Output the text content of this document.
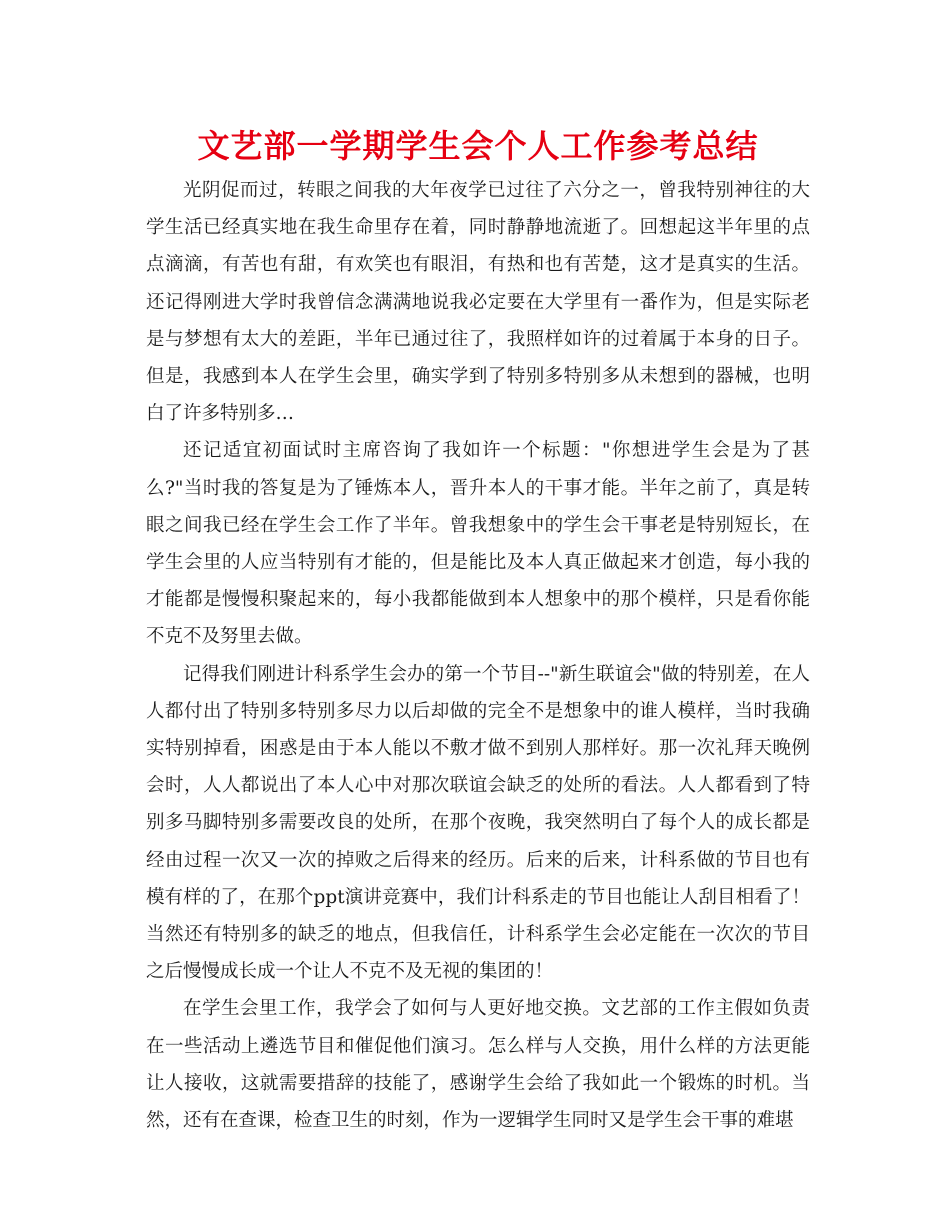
文艺部一学期学生会个人工作参考总结

光阴促而过，转眼之间我的大年夜学已过往了六分之一，曾我特别神往的大学生活已经真实地在我生命里存在着，同时静静地流逝了。回想起这半年里的点点滴滴，有苦也有甜，有欢笑也有眼泪，有热和也有苦楚，这才是真实的生活。还记得刚进大学时我曾信念满满地说我必定要在大学里有一番作为，但是实际老是与梦想有太大的差距，半年已通过往了，我照样如许的过着属于本身的日子。但是，我感到本人在学生会里，确实学到了特别多特别多从未想到的器械，也明白了许多特别多…

还记适宜初面试时主席咨询了我如许一个标题："你想进学生会是为了甚么?"当时我的答复是为了锤炼本人，晋升本人的干事才能。半年之前了，真是转眼之间我已经在学生会工作了半年。曾我想象中的学生会干事老是特别短长，在学生会里的人应当特别有才能的，但是能比及本人真正做起来才创造，每小我的才能都是慢慢积聚起来的，每小我都能做到本人想象中的那个模样，只是看你能不克不及努里去做。

记得我们刚进计科系学生会办的第一个节目--"新生联谊会"做的特别差，在人人都付出了特别多特别多尽力以后却做的完全不是想象中的谁人模样，当时我确实特别掉看，困惑是由于本人能以不敷才做不到别人那样好。那一次礼拜天晚例会时，人人都说出了本人心中对那次联谊会缺乏的处所的看法。人人都看到了特别多马脚特别多需要改良的处所，在那个夜晚，我突然明白了每个人的成长都是经由过程一次又一次的掉败之后得来的经历。后来的后来，计科系做的节目也有模有样的了，在那个ppt演讲竞赛中，我们计科系走的节目也能让人刮目相看了！当然还有特别多的缺乏的地点，但我信任，计科系学生会必定能在一次次的节目之后慢慢成长成一个让人不克不及无视的集团的！

在学生会里工作，我学会了如何与人更好地交换。文艺部的工作主假如负责在一些活动上遴选节目和催促他们演习。怎么样与人交换，用什么样的方法更能让人接收，这就需要措辞的技能了，感谢学生会给了我如此一个锻炼的时机。当然，还有在查课，检查卫生的时刻，作为一逻辑学生同时又是学生会干事的难堪
